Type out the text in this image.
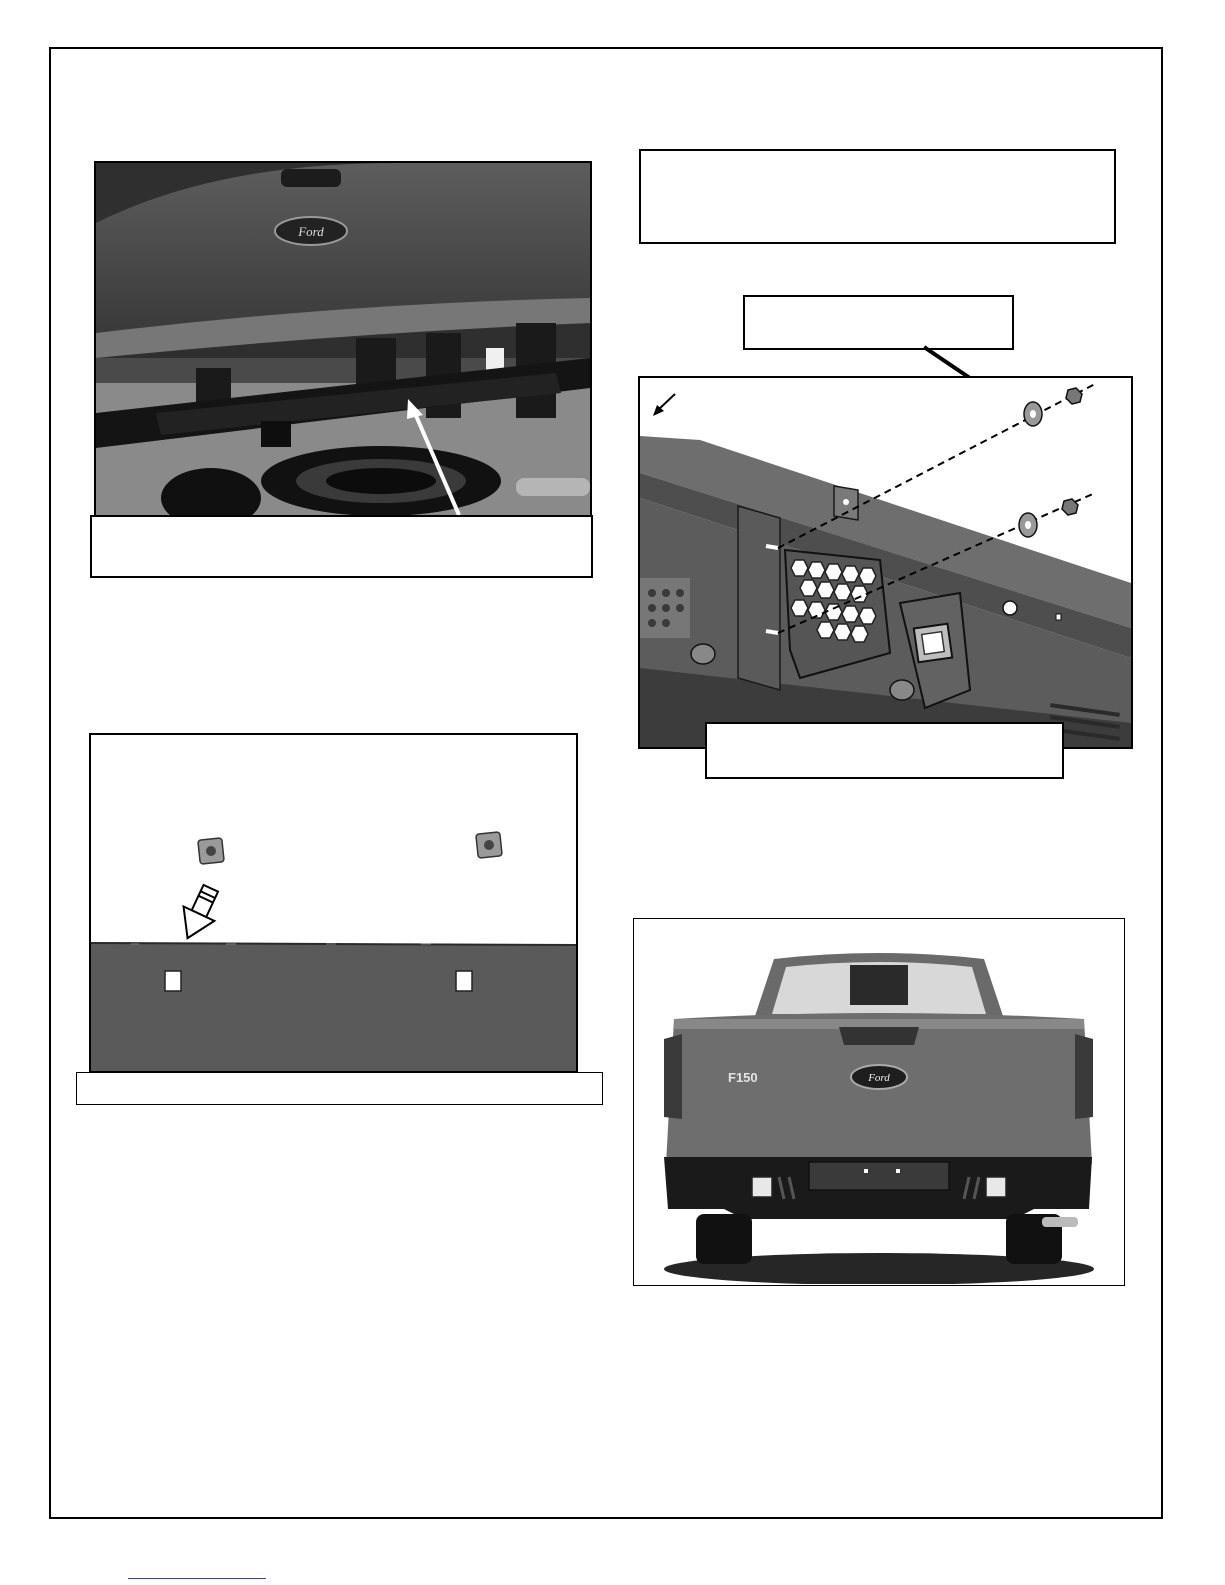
Ford
Ford
F150
